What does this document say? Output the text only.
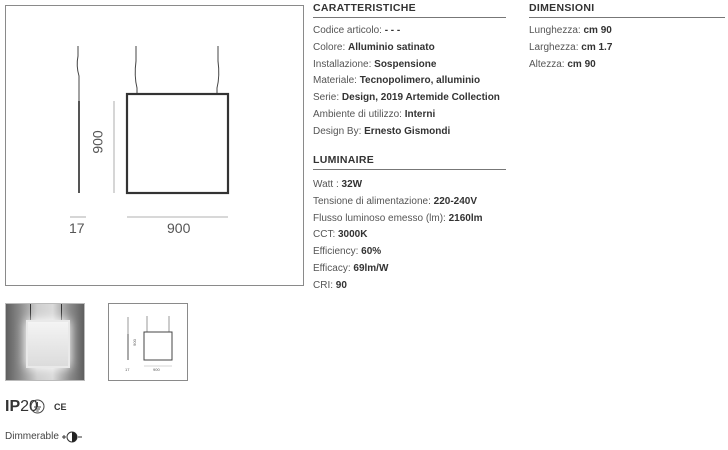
900
17	900
900
17	900
IP20 CE
Dimmerable
CARATTERISTICHE
Codice articolo: - - -
Colore: Alluminio satinato
Installazione: Sospensione
Materiale: Tecnopolimero, alluminio
Serie: Design, 2019 Artemide Collection
Ambiente di utilizzo: Interni
Design By: Ernesto Gismondi
LUMINAIRE
Watt : 32W
Tensione di alimentazione: 220-240V
Flusso luminoso emesso (lm): 2160lm
CCT: 3000K
Efficiency: 60%
Efficacy: 69lm/W
CRI: 90
DIMENSIONI
Lunghezza: cm 90
Larghezza: cm 1.7
Altezza: cm 90
